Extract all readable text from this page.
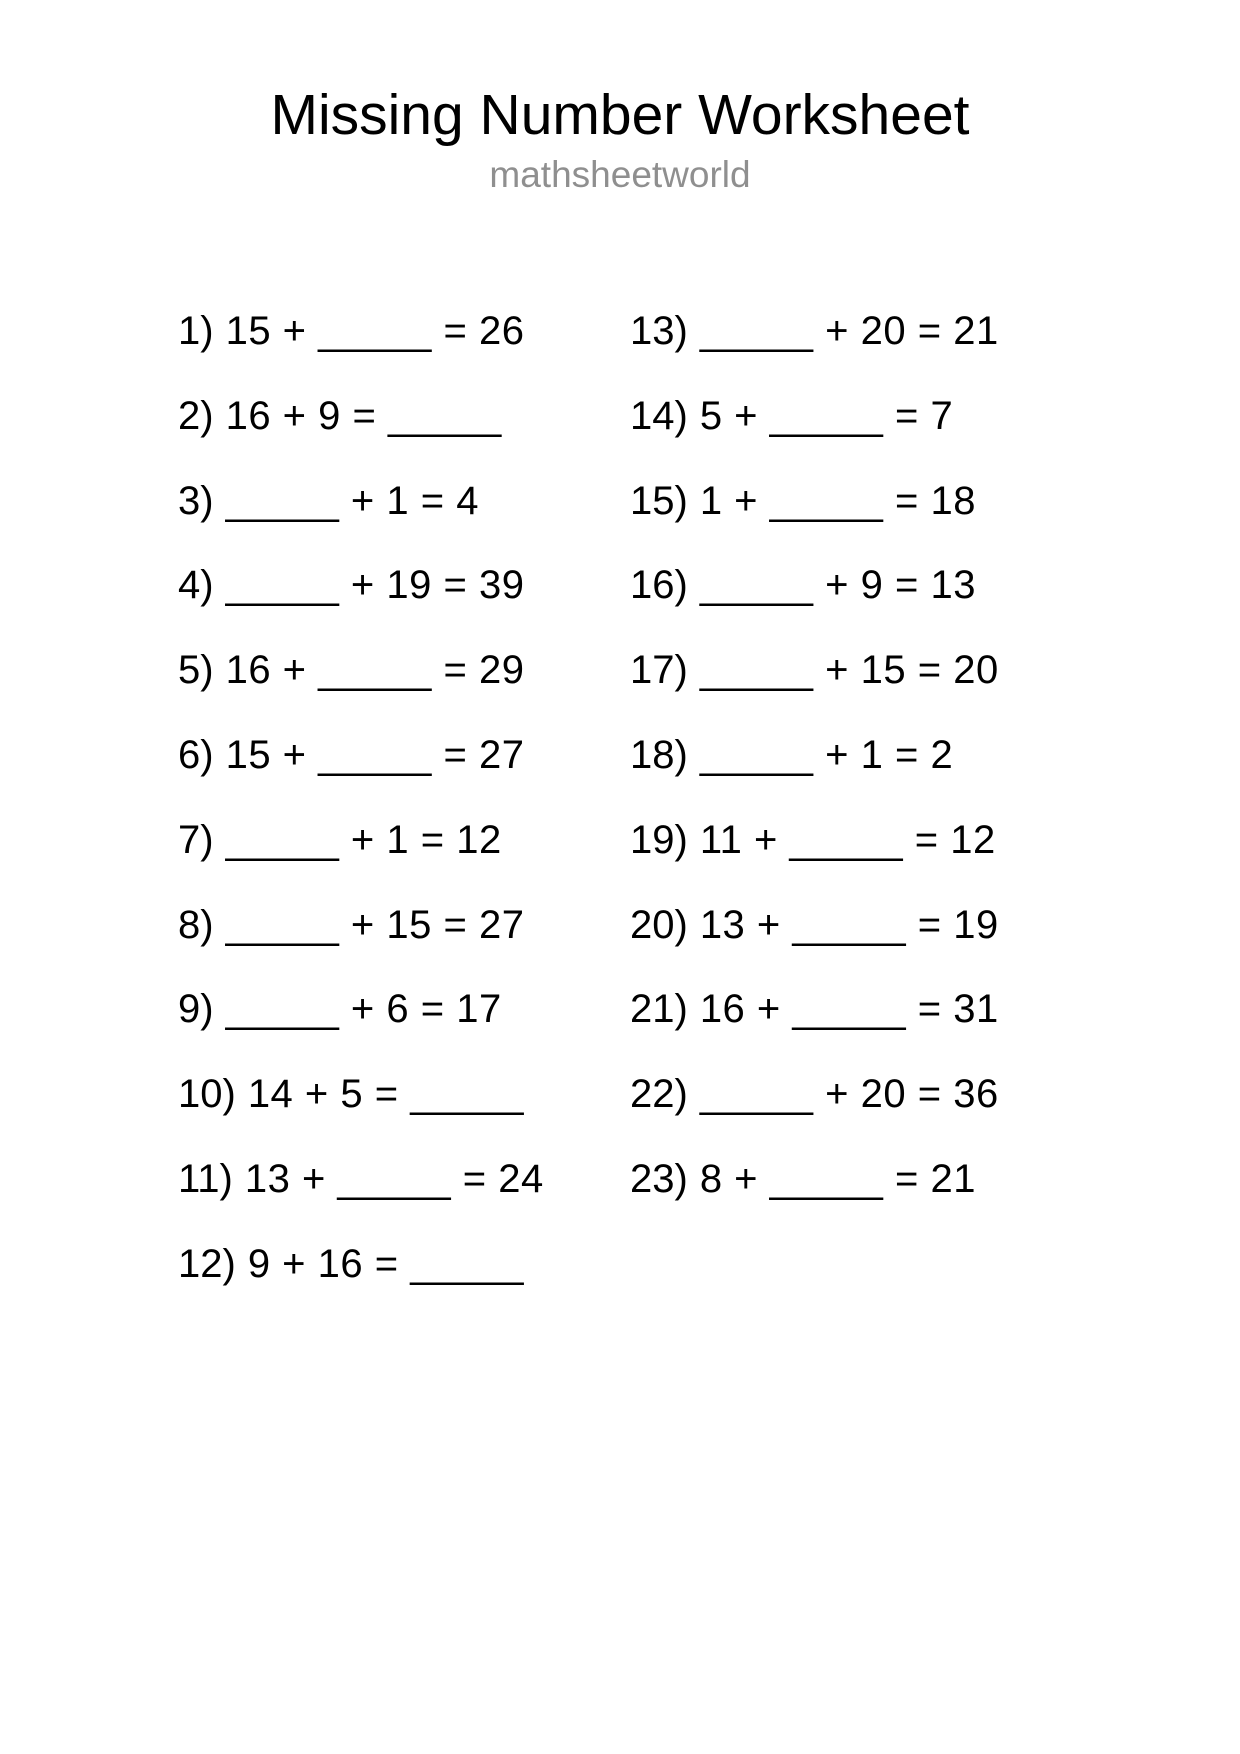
Missing Number Worksheet
mathsheetworld
1) 15 + _____ = 26
2) 16 + 9 = _____
3) _____ + 1 = 4
4) _____ + 19 = 39
5) 16 + _____ = 29
6) 15 + _____ = 27
7) _____ + 1 = 12
8) _____ + 15 = 27
9) _____ + 6 = 17
10) 14 + 5 = _____
11) 13 + _____ = 24
12) 9 + 16 = _____
13) _____ + 20 = 21
14) 5 + _____ = 7
15) 1 + _____ = 18
16) _____ + 9 = 13
17) _____ + 15 = 20
18) _____ + 1 = 2
19) 11 + _____ = 12
20) 13 + _____ = 19
21) 16 + _____ = 31
22) _____ + 20 = 36
23) 8 + _____ = 21
